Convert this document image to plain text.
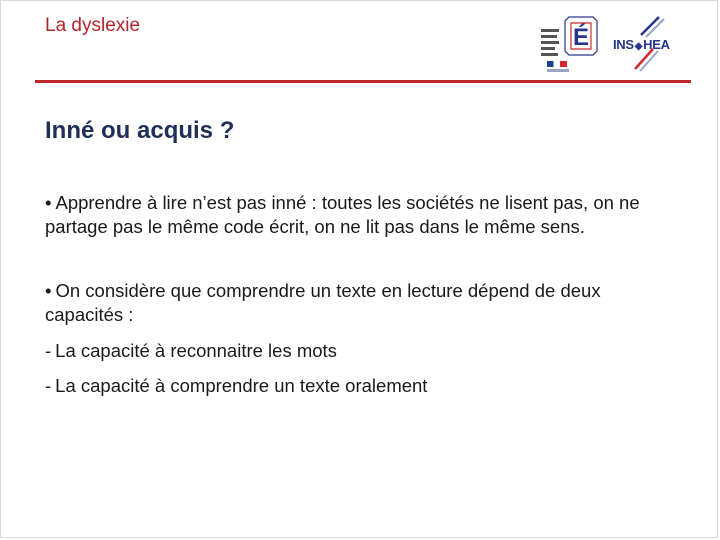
La dyslexie	É INS◆HEA
Inné ou acquis ?

• Apprendre à lire n’est pas inné : toutes les sociétés ne lisent pas, on ne partage pas le même code écrit, on ne lit pas dans le même sens.

• On considère que comprendre un texte en lecture dépend de deux capacités :

- La capacité à reconnaitre les mots

- La capacité à comprendre un texte oralement
